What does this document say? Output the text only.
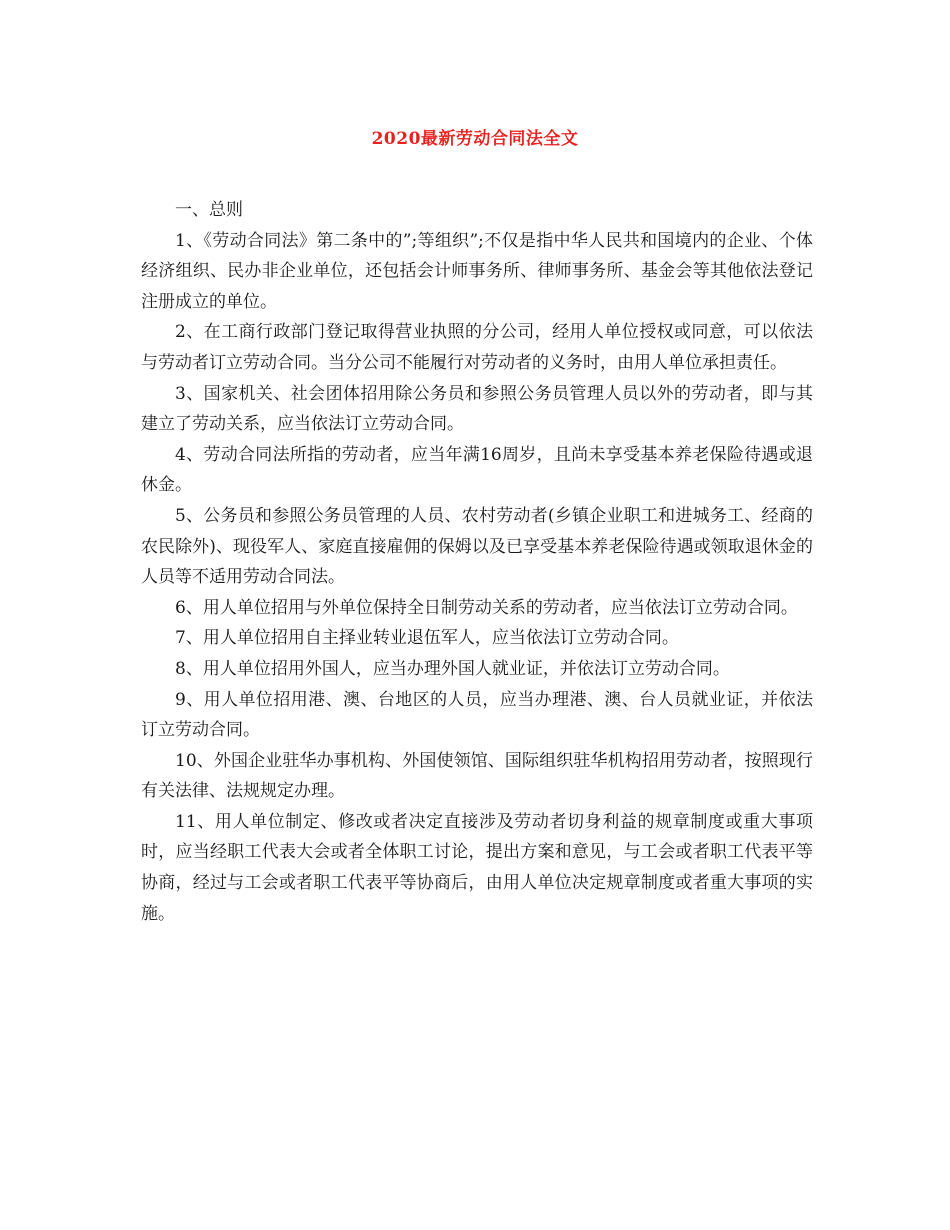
2020最新劳动合同法全文

一、总则

1、《劳动合同法》第二条中的”;等组织”;不仅是指中华人民共和国境内的企业、个体经济组织、民办非企业单位，还包括会计师事务所、律师事务所、基金会等其他依法登记注册成立的单位。

2、在工商行政部门登记取得营业执照的分公司，经用人单位授权或同意，可以依法与劳动者订立劳动合同。当分公司不能履行对劳动者的义务时，由用人单位承担责任。

3、国家机关、社会团体招用除公务员和参照公务员管理人员以外的劳动者，即与其建立了劳动关系，应当依法订立劳动合同。

4、劳动合同法所指的劳动者，应当年满16周岁，且尚未享受基本养老保险待遇或退休金。

5、公务员和参照公务员管理的人员、农村劳动者(乡镇企业职工和进城务工、经商的农民除外)、现役军人、家庭直接雇佣的保姆以及已享受基本养老保险待遇或领取退休金的人员等不适用劳动合同法。

6、用人单位招用与外单位保持全日制劳动关系的劳动者，应当依法订立劳动合同。

7、用人单位招用自主择业转业退伍军人，应当依法订立劳动合同。

8、用人单位招用外国人，应当办理外国人就业证，并依法订立劳动合同。

9、用人单位招用港、澳、台地区的人员，应当办理港、澳、台人员就业证，并依法订立劳动合同。

10、外国企业驻华办事机构、外国使领馆、国际组织驻华机构招用劳动者，按照现行有关法律、法规规定办理。

11、用人单位制定、修改或者决定直接涉及劳动者切身利益的规章制度或重大事项时，应当经职工代表大会或者全体职工讨论，提出方案和意见，与工会或者职工代表平等协商，经过与工会或者职工代表平等协商后，由用人单位决定规章制度或者重大事项的实施。
